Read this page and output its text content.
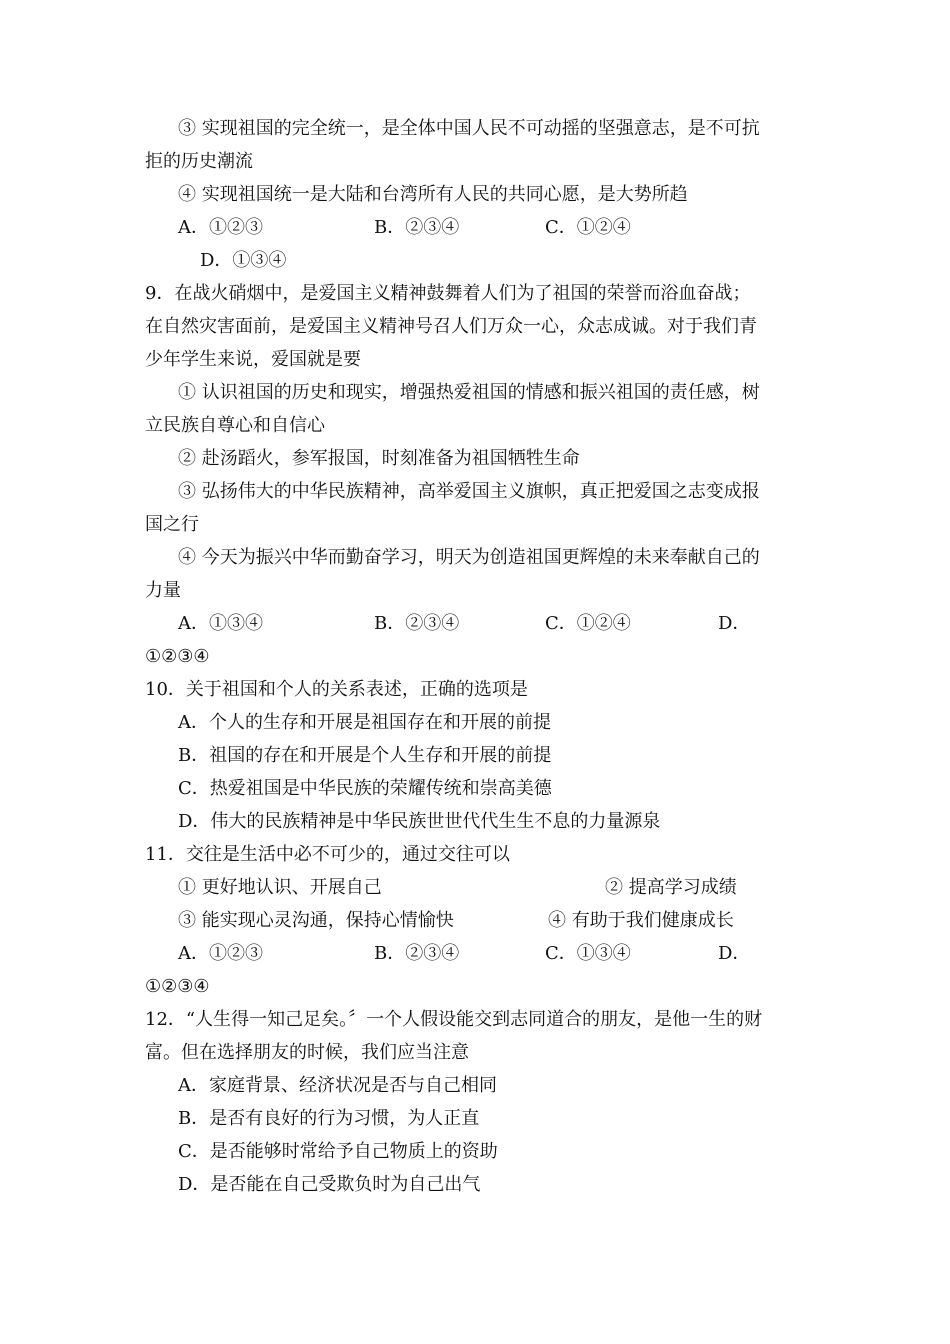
③ 实现祖国的完全统一，是全体中国人民不可动摇的坚强意志，是不可抗
拒的历史潮流
④ 实现祖国统一是大陆和台湾所有人民的共同心愿，是大势所趋
A．①②③	B．②③④	C．①②④
D．①③④
9．在战火硝烟中，是爱国主义精神鼓舞着人们为了祖国的荣誉而浴血奋战；
在自然灾害面前，是爱国主义精神号召人们万众一心，众志成诚。对于我们青
少年学生来说，爱国就是要
① 认识祖国的历史和现实，增强热爱祖国的情感和振兴祖国的责任感，树
立民族自尊心和自信心
② 赴汤蹈火，参军报国，时刻准备为祖国牺牲生命
③ 弘扬伟大的中华民族精神，高举爱国主义旗帜，真正把爱国之志变成报
国之行
④ 今天为振兴中华而勤奋学习，明天为创造祖国更辉煌的未来奉献自己的
力量
A．①③④	B．②③④	C．①②④	D．
①②③④
10．关于祖国和个人的关系表述，正确的选项是
A．个人的生存和开展是祖国存在和开展的前提
B．祖国的存在和开展是个人生存和开展的前提
C．热爱祖国是中华民族的荣耀传统和崇高美德
D．伟大的民族精神是中华民族世世代代生生不息的力量源泉
11．交往是生活中必不可少的，通过交往可以
① 更好地认识、开展自己	② 提高学习成绩
③ 能实现心灵沟通，保持心情愉快	④ 有助于我们健康成长
A．①②③	B．②③④	C．①③④	D．
①②③④
12．“人生得一知己足矣。〞一个人假设能交到志同道合的朋友，是他一生的财
富。但在选择朋友的时候，我们应当注意
A．家庭背景、经济状况是否与自己相同
B．是否有良好的行为习惯，为人正直
C．是否能够时常给予自己物质上的资助
D．是否能在自己受欺负时为自己出气
